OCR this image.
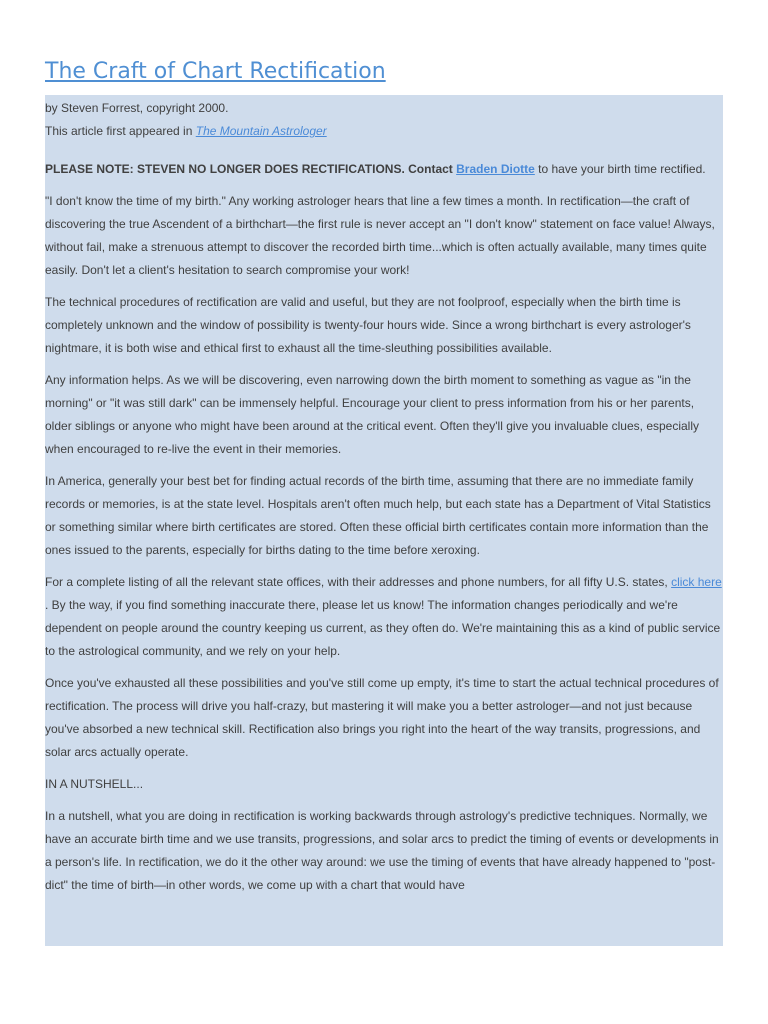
The Craft of Chart Rectification

by Steven Forrest, copyright 2000.
This article first appeared in The Mountain Astrologer

PLEASE NOTE: STEVEN NO LONGER DOES RECTIFICATIONS. Contact Braden Diotte to have your birth time rectified.

"I don't know the time of my birth." Any working astrologer hears that line a few times a month. In rectification—the craft of discovering the true Ascendent of a birthchart—the first rule is never accept an "I don't know" statement on face value! Always, without fail, make a strenuous attempt to discover the recorded birth time...which is often actually available, many times quite easily. Don't let a client's hesitation to search compromise your work!

The technical procedures of rectification are valid and useful, but they are not foolproof, especially when the birth time is completely unknown and the window of possibility is twenty-four hours wide. Since a wrong birthchart is every astrologer's nightmare, it is both wise and ethical first to exhaust all the time-sleuthing possibilities available.

Any information helps. As we will be discovering, even narrowing down the birth moment to something as vague as "in the morning" or "it was still dark" can be immensely helpful. Encourage your client to press information from his or her parents, older siblings or anyone who might have been around at the critical event. Often they'll give you invaluable clues, especially when encouraged to re-live the event in their memories.

In America, generally your best bet for finding actual records of the birth time, assuming that there are no immediate family records or memories, is at the state level. Hospitals aren't often much help, but each state has a Department of Vital Statistics or something similar where birth certificates are stored. Often these official birth certificates contain more information than the ones issued to the parents, especially for births dating to the time before xeroxing.

For a complete listing of all the relevant state offices, with their addresses and phone numbers, for all fifty U.S. states, click here . By the way, if you find something inaccurate there, please let us know! The information changes periodically and we're dependent on people around the country keeping us current, as they often do. We're maintaining this as a kind of public service to the astrological community, and we rely on your help.

Once you've exhausted all these possibilities and you've still come up empty, it's time to start the actual technical procedures of rectification. The process will drive you half-crazy, but mastering it will make you a better astrologer—and not just because you've absorbed a new technical skill. Rectification also brings you right into the heart of the way transits, progressions, and solar arcs actually operate.

IN A NUTSHELL...

In a nutshell, what you are doing in rectification is working backwards through astrology's predictive techniques. Normally, we have an accurate birth time and we use transits, progressions, and solar arcs to predict the timing of events or developments in a person's life. In rectification, we do it the other way around: we use the timing of events that have already happened to "post-dict" the time of birth—in other words, we come up with a chart that would have
